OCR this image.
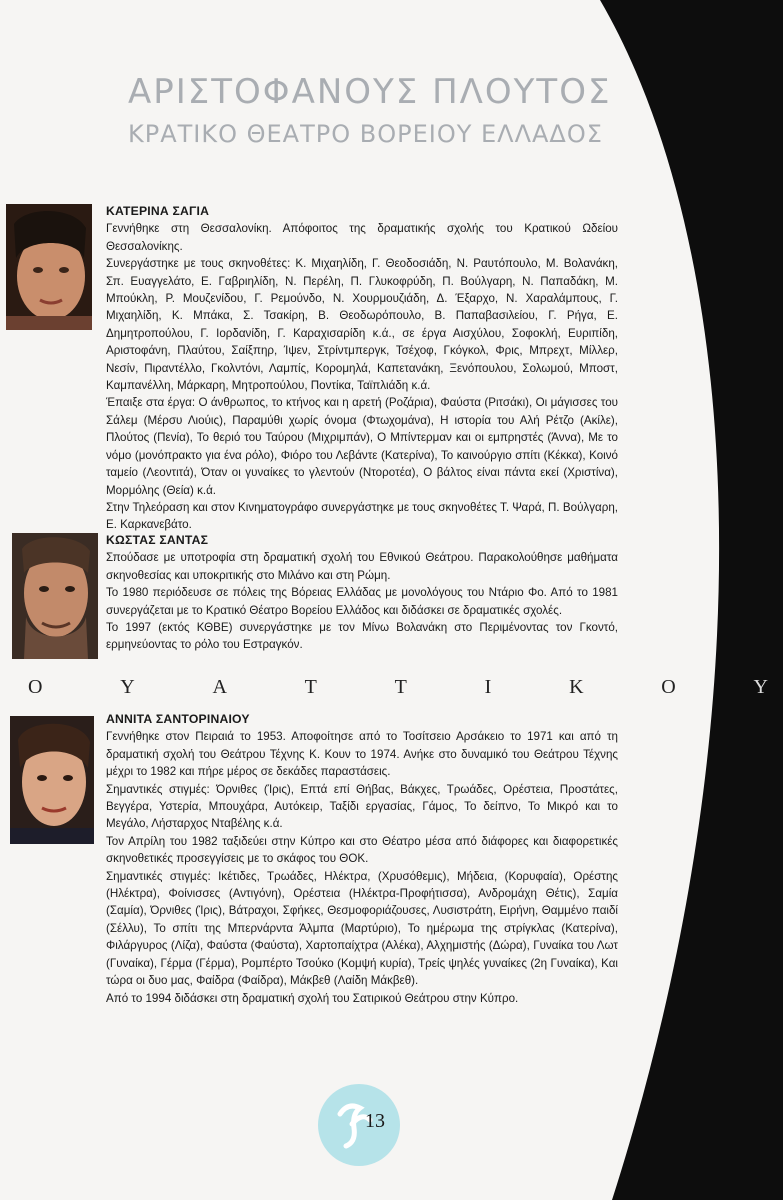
ΑΡΙΣΤΟΦΑΝΟΥΣ ΠΛΟΥΤΟΣ
ΚΡΑΤΙΚΟ ΘΕΑΤΡΟ ΒΟΡΕΙΟΥ ΕΛΛΑΔΟΣ
ΚΑΤΕΡΙΝΑ ΣΑΓΙΑ

Γεννήθηκε στη Θεσσαλονίκη. Απόφοιτος της δραματικής σχολής του Κρατικού Ωδείου Θεσσαλονίκης.

Συνεργάστηκε με τους σκηνοθέτες: Κ. Μιχαηλίδη, Γ. Θεοδοσιάδη, Ν. Ραυτόπουλο, Μ. Βολανάκη, Σπ. Ευαγγελάτο, Ε. Γαβριηλίδη, Ν. Περέλη, Π. Γλυκοφρύδη, Π. Βούλγαρη, Ν. Παπαδάκη, Μ. Μπούκλη, Ρ. Μουζενίδου, Γ. Ρεμούνδο, Ν. Χουρμουζιάδη, Δ. Έξαρχο, Ν. Χαραλάμπους, Γ. Μιχαηλίδη, Κ. Μπάκα, Σ. Τσακίρη, Β. Θεοδωρόπουλο, Β. Παπαβασιλείου, Γ. Ρήγα, Ε. Δημητροπούλου, Γ. Ιορδανίδη, Γ. Καραχισαρίδη κ.ά., σε έργα Αισχύλου, Σοφοκλή, Ευριπίδη, Αριστοφάνη, Πλαύτου, Σαίξπηρ, Ίψεν, Στρίντμπεργκ, Τσέχοφ, Γκόγκολ, Φρις, Μπρεχτ, Μίλλερ, Νεσίν, Πιραντέλλο, Γκολντόνι, Λαμπίς, Κορομηλά, Καπετανάκη, Ξενόπουλου, Σολωμού, Μποστ, Καμπανέλλη, Μάρκαρη, Μητροπούλου, Ποντίκα, Ταϊπλιάδη κ.ά.

Έπαιξε στα έργα: Ο άνθρωπος, το κτήνος και η αρετή (Ροζάρια), Φαύστα (Ριτσάκι), Οι μάγισσες του Σάλεμ (Μέρσυ Λιούις), Παραμύθι χωρίς όνομα (Φτωχομάνα), Η ιστορία του Αλή Ρέτζο (Ακίλε), Πλούτος (Πενία), Το θεριό του Ταύρου (Μιχριμπάν), Ο Μπίντερμαν και οι εμπρηστές (Άννα), Με το νόμο (μονόπρακτο για ένα ρόλο), Φιόρο του Λεβάντε (Κατερίνα), Το καινούργιο σπίτι (Κέκκα), Κοινό ταμείο (Λεοντιτά), Όταν οι γυναίκες το γλεντούν (Ντορoτέα), Ο βάλτος είναι πάντα εκεί (Χριστίνα), Μορμόλης (Θεία) κ.ά.

Στην Τηλεόραση και στον Κινηματογράφο συνεργάστηκε με τους σκηνοθέτες Τ. Ψαρά, Π. Βούλγαρη, Ε. Καρκανεβάτο.

ΚΩΣΤΑΣ ΣΑΝΤΑΣ

Σπούδασε με υποτροφία στη δραματική σχολή του Εθνικού Θεάτρου. Παρακολούθησε μαθήματα σκηνοθεσίας και υποκριτικής στο Μιλάνο και στη Ρώμη.

Το 1980 περιόδευσε σε πόλεις της Βόρειας Ελλάδας με μονολόγους του Ντάριο Φο. Από το 1981 συνεργάζεται με το Κρατικό Θέατρο Βορείου Ελλάδος και διδάσκει σε δραματικές σχολές.

Το 1997 (εκτός ΚΘΒΕ) συνεργάστηκε με τον Μίνω Βολανάκη στο Περιμένοντας τον Γκοντό, ερμηνεύοντας το ρόλο του Εστραγκόν.

Ο	Υ	Α	Τ	Τ	Ι	Κ	Ο	Υ
ΑΝΝΙΤΑ ΣΑΝΤΟΡΙΝΑΙΟΥ

Γεννήθηκε στον Πειραιά το 1953. Αποφοίτησε από το Τοσίτσειο Αρσάκειο το 1971 και από τη δραματική σχολή του Θεάτρου Τέχνης Κ. Κουν το 1974. Ανήκε στο δυναμικό του Θεάτρου Τέχνης μέχρι το 1982 και πήρε μέρος σε δεκάδες παραστάσεις.

Σημαντικές στιγμές: Όρνιθες (Ίρις), Επτά επί Θήβας, Βάκχες, Τρωάδες, Ορέστεια, Προστάτες, Βεγγέρα, Υστερία, Μπουχάρα, Αυτόκειρ, Ταξίδι εργασίας, Γάμος, Το δείπνο, Το Μικρό και το Μεγάλο, Λήσταρχος Νταβέλης κ.ά.

Τον Απρίλη του 1982 ταξιδεύει στην Κύπρο και στο Θέατρο μέσα από διάφορες και διαφορετικές σκηνοθετικές προσεγγίσεις με το σκάφος του ΘΟΚ.

Σημαντικές στιγμές: Ικέτιδες, Τρωάδες, Ηλέκτρα, (Χρυσόθεμις), Μήδεια, (Κορυφαία), Ορέστης (Ηλέκτρα), Φοίνισσες (Αντιγόνη), Ορέστεια (Ηλέκτρα-Προφήτισσα), Ανδρομάχη Θέτις), Σαμία (Σαμία), Όρνιθες (Ίρις), Βάτραχοι, Σφήκες, Θεσμοφοριάζουσες, Λυσιστράτη, Ειρήνη, Θαμμένο παιδί (Σέλλυ), Το σπίτι της Μπερνάρντα Άλμπα (Μαρτύριο), Το ημέρωμα της στρίγκλας (Κατερίνα), Φιλάργυρος (Λίζα), Φαύστα (Φαύστα), Χαρτοπαίχτρα (Αλέκα), Αλχημιστής (Δώρα), Γυναίκα του Λωτ (Γυναίκα), Γέρμα (Γέρμα), Ρομπέρτο Τσούκο (Κομψή κυρία), Τρείς ψηλές γυναίκες (2η Γυναίκα), Και τώρα οι δυο μας, Φαίδρα (Φαίδρα), Μάκβεθ (Λαίδη Μάκβεθ).

Από το 1994 διδάσκει στη δραματική σχολή του Σατιρικού Θεάτρου στην Κύπρο.

13
